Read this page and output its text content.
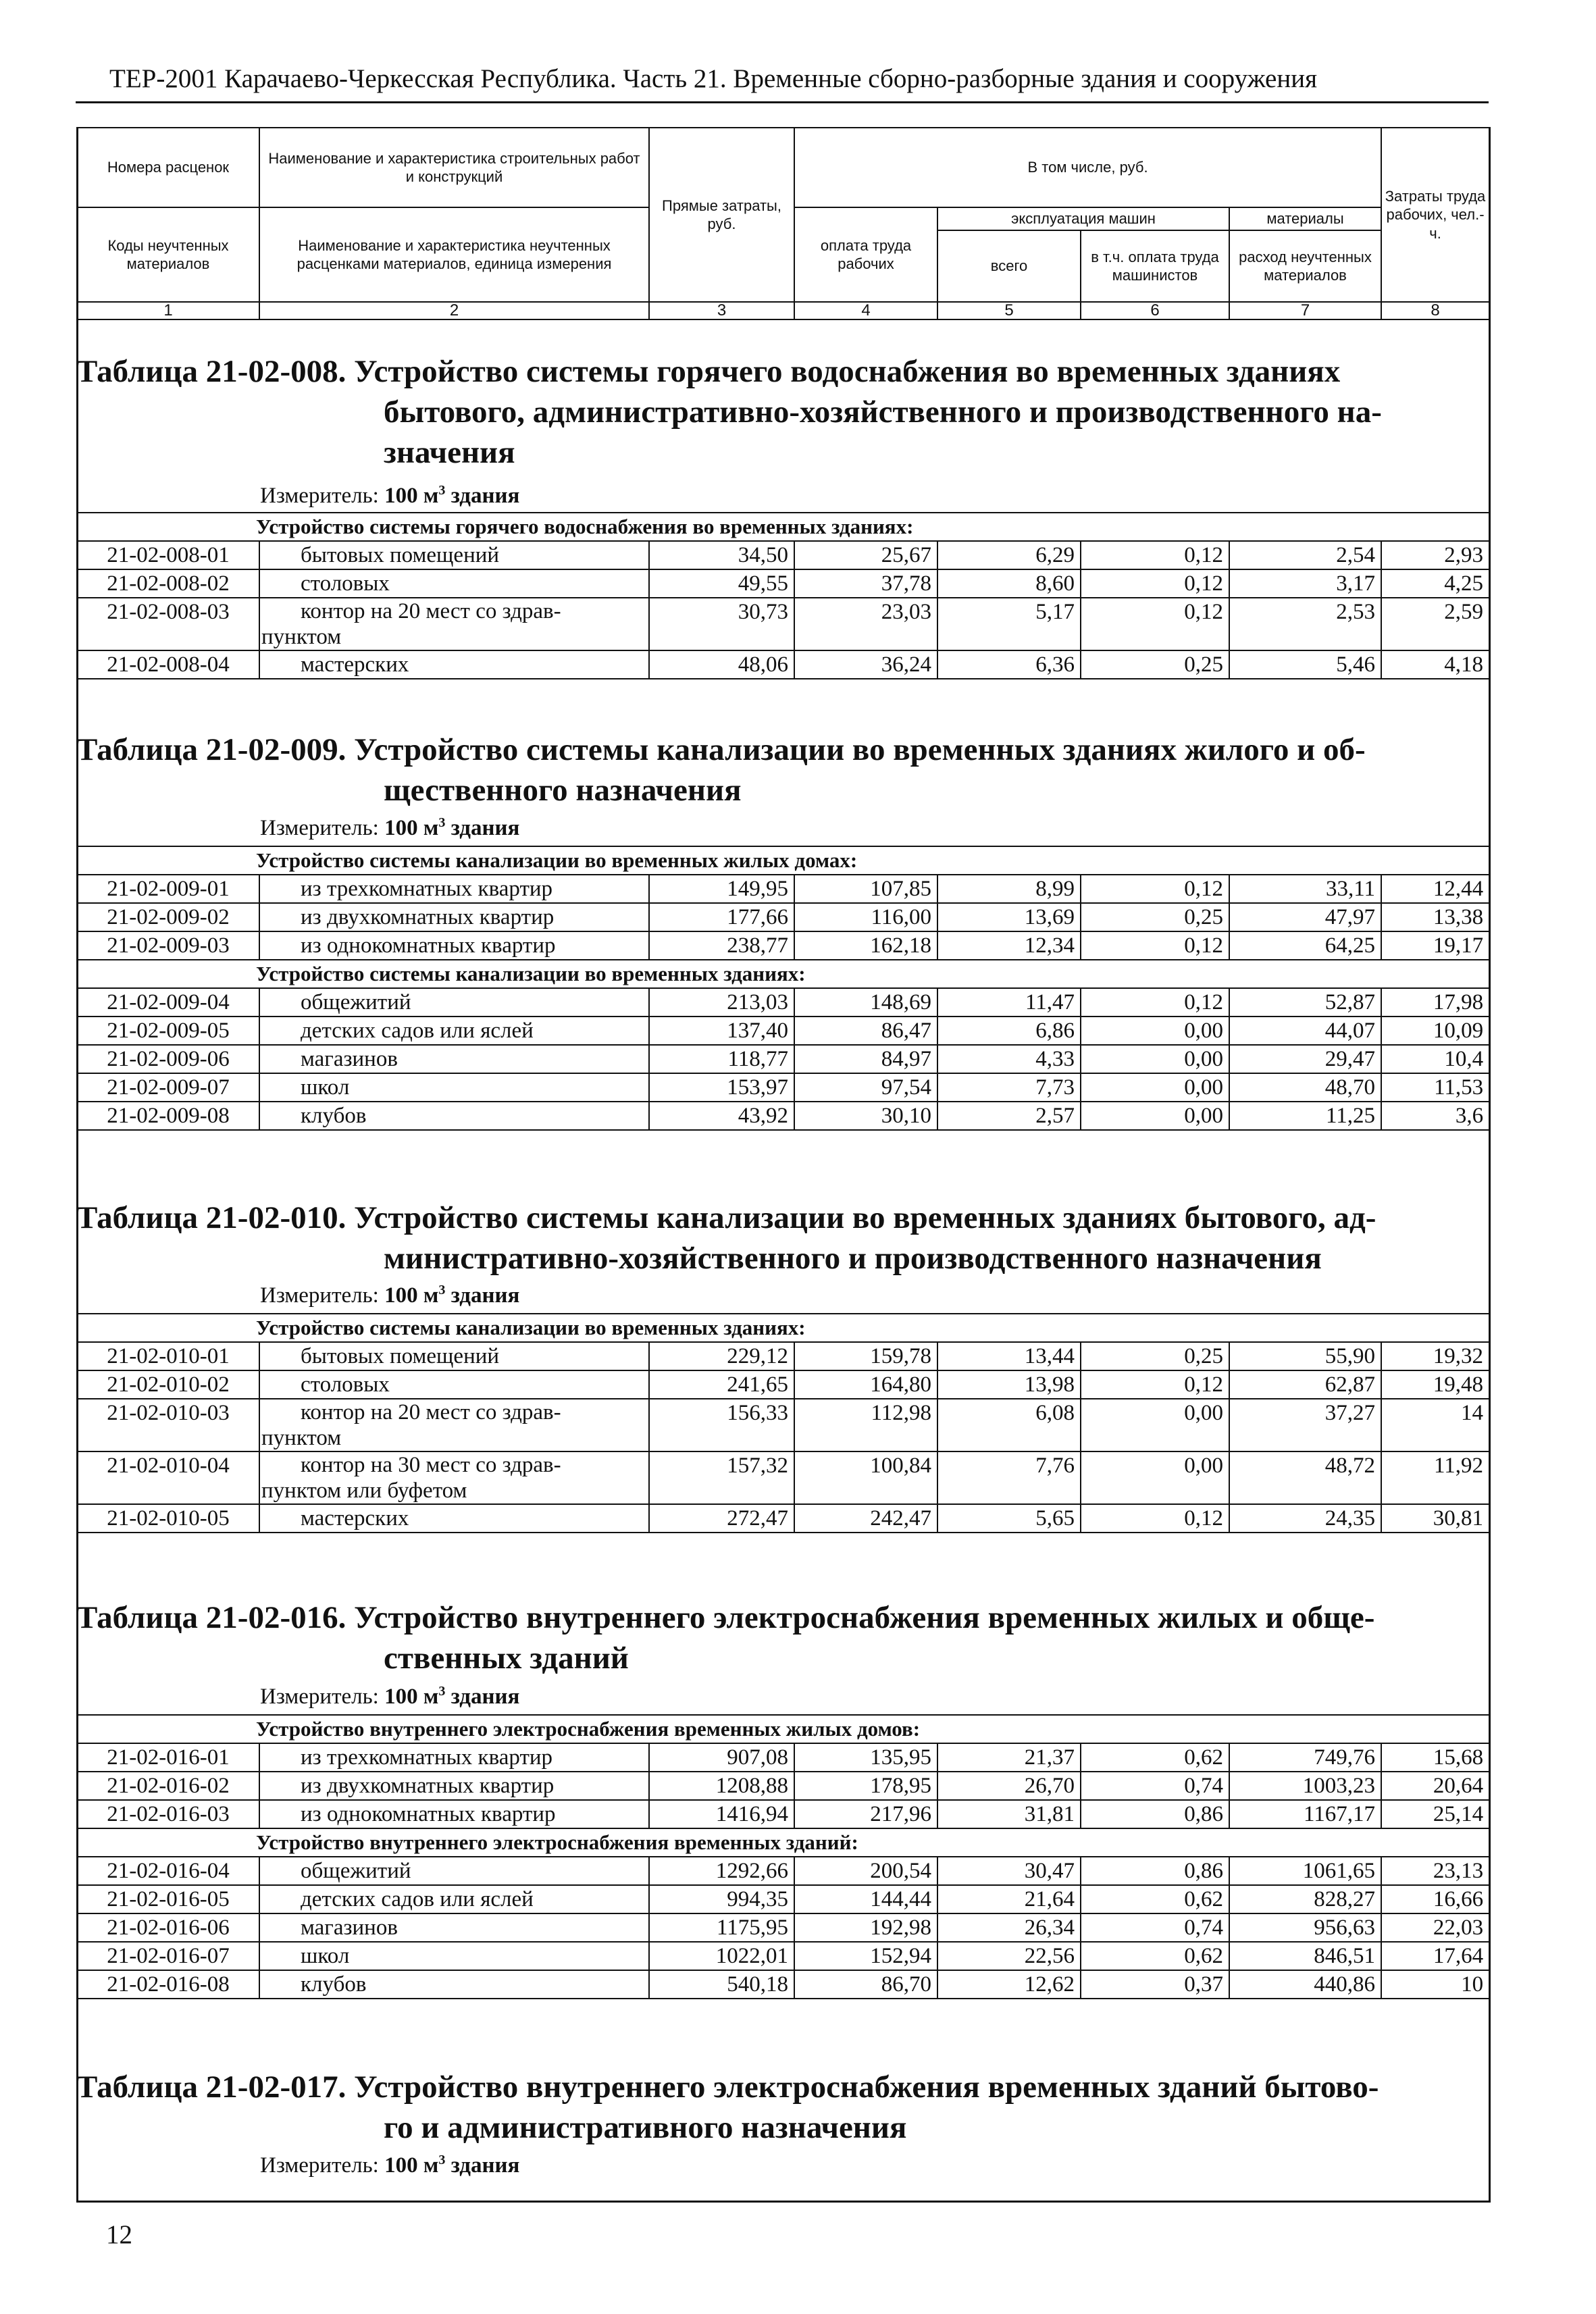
ТЕР-2001 Карачаево-Черкесская Республика. Часть 21. Временные сборно-разборные здания и сооружения
Номера расценок	Наименование и характеристика строительных работ и конструкций	Прямые затраты, руб.	В том числе, руб.				Затраты труда рабочих, чел.-ч.
Коды неучтенных материалов	Наименование и характеристика неучтенных расценками материалов, единица измерения		оплата труда рабочих	эксплуатация машин		материалы	
				всего	в т.ч. оплата труда машинистов	расход неучтенных материалов	
1	2	3	4	5	6	7	8
Таблица 21-02-008. Устройство системы горячего водоснабжения во временных зданиях
бытового, административно-хозяйственного и производственного на-
значения
Измеритель: 100 $м^3$ здания
Устройство системы горячего водоснабжения во временных зданиях:							
21-02-008-01	бытовых помещений	34,50	25,67	6,29	0,12	2,54	2,93
21-02-008-02	столовых	49,55	37,78	8,60	0,12	3,17	4,25
21-02-008-03	контор на 20 мест со здрав-
пунктом	30,73	23,03	5,17	0,12	2,53	2,59
21-02-008-04	мастерских	48,06	36,24	6,36	0,25	5,46	4,18
Таблица 21-02-009. Устройство системы канализации во временных зданиях жилого и об-
щественного назначения
Измеритель: 100 $м^3$ здания
Устройство системы канализации во временных жилых домах:							
21-02-009-01	из трехкомнатных квартир	149,95	107,85	8,99	0,12	33,11	12,44
21-02-009-02	из двухкомнатных квартир	177,66	116,00	13,69	0,25	47,97	13,38
21-02-009-03	из однокомнатных квартир	238,77	162,18	12,34	0,12	64,25	19,17
Устройство системы канализации во временных зданиях:							
21-02-009-04	общежитий	213,03	148,69	11,47	0,12	52,87	17,98
21-02-009-05	детских садов или яслей	137,40	86,47	6,86	0,00	44,07	10,09
21-02-009-06	магазинов	118,77	84,97	4,33	0,00	29,47	10,4
21-02-009-07	школ	153,97	97,54	7,73	0,00	48,70	11,53
21-02-009-08	клубов	43,92	30,10	2,57	0,00	11,25	3,6
Таблица 21-02-010. Устройство системы канализации во временных зданиях бытового, ад-
министративно-хозяйственного и производственного назначения
Измеритель: 100 $м^3$ здания
Устройство системы канализации во временных зданиях:							
21-02-010-01	бытовых помещений	229,12	159,78	13,44	0,25	55,90	19,32
21-02-010-02	столовых	241,65	164,80	13,98	0,12	62,87	19,48
21-02-010-03	контор на 20 мест со здрав-
пунктом	156,33	112,98	6,08	0,00	37,27	14
21-02-010-04	контор на 30 мест со здрав-
пунктом или буфетом	157,32	100,84	7,76	0,00	48,72	11,92
21-02-010-05	мастерских	272,47	242,47	5,65	0,12	24,35	30,81
Таблица 21-02-016. Устройство внутреннего электроснабжения временных жилых и обще-
ственных зданий
Измеритель: 100 $м^3$ здания
Устройство внутреннего электроснабжения временных жилых домов:							
21-02-016-01	из трехкомнатных квартир	907,08	135,95	21,37	0,62	749,76	15,68
21-02-016-02	из двухкомнатных квартир	1208,88	178,95	26,70	0,74	1003,23	20,64
21-02-016-03	из однокомнатных квартир	1416,94	217,96	31,81	0,86	1167,17	25,14
Устройство внутреннего электроснабжения временных зданий:							
21-02-016-04	общежитий	1292,66	200,54	30,47	0,86	1061,65	23,13
21-02-016-05	детских садов или яслей	994,35	144,44	21,64	0,62	828,27	16,66
21-02-016-06	магазинов	1175,95	192,98	26,34	0,74	956,63	22,03
21-02-016-07	школ	1022,01	152,94	22,56	0,62	846,51	17,64
21-02-016-08	клубов	540,18	86,70	12,62	0,37	440,86	10
Таблица 21-02-017. Устройство внутреннего электроснабжения временных зданий бытово-
го и административного назначения
Измеритель: 100 $м^3$ здания
12
